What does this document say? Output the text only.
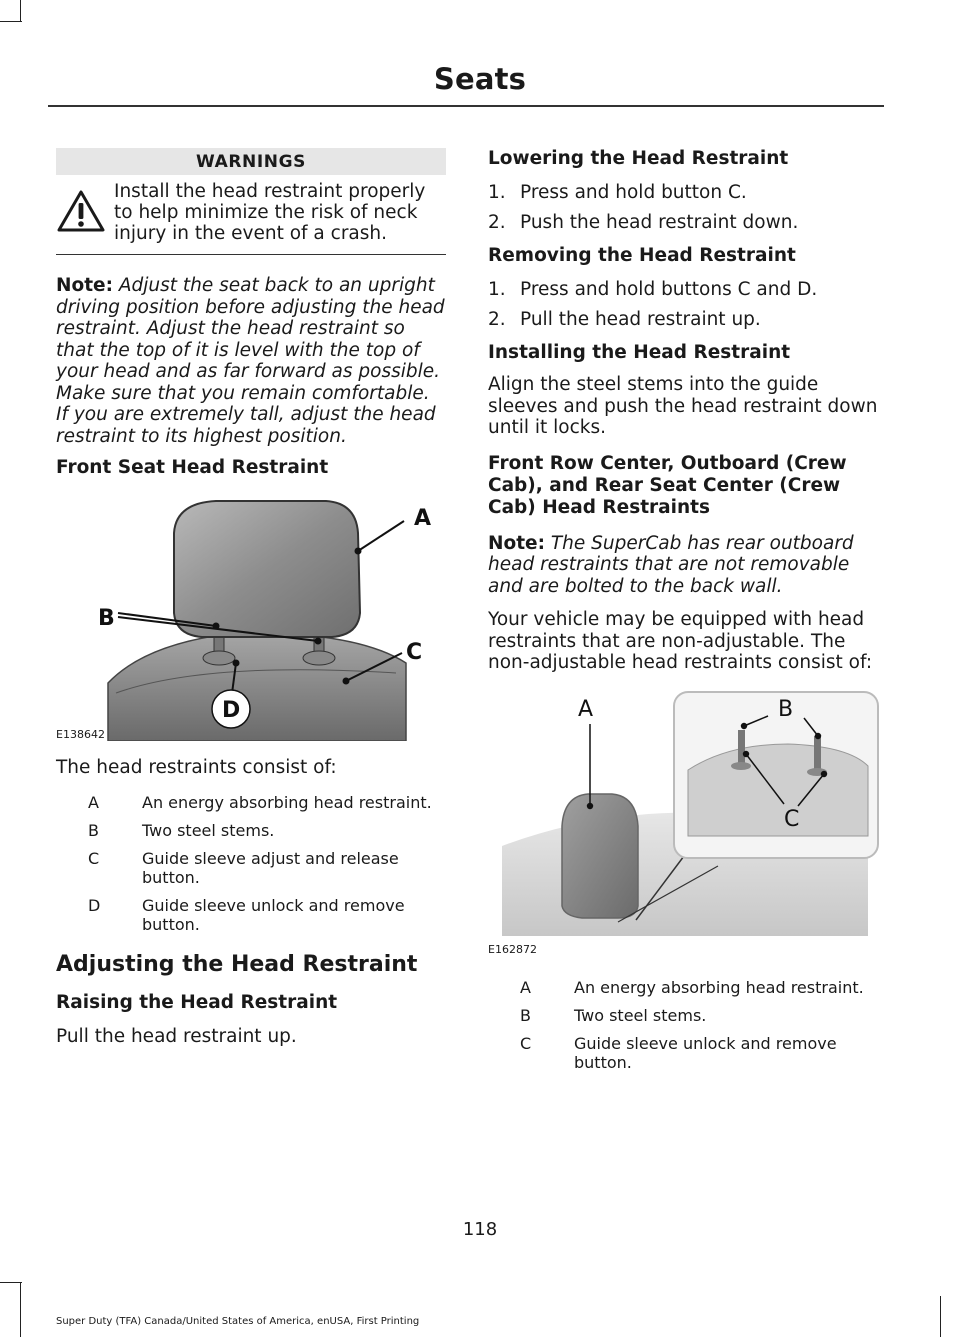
Seats
WARNINGS
Install the head restraint properly to help minimize the risk of neck injury in the event of a crash.

Note: Adjust the seat back to an upright driving position before adjusting the head restraint. Adjust the head restraint so that the top of it is level with the top of your head and as far forward as possible. Make sure that you remain comfortable. If you are extremely tall, adjust the head restraint to its highest position.

Front Seat Head Restraint
A
B
C
D
E138642

The head restraints consist of:

A	An energy absorbing head restraint.
B	Two steel stems.
C	Guide sleeve adjust and release button.
D	Guide sleeve unlock and remove button.
Adjusting the Head Restraint
Raising the Head Restraint

Pull the head restraint up.

Lowering the Head Restraint
1. Press and hold button C.
2. Push the head restraint down.
Removing the Head Restraint
1. Press and hold buttons C and D.
2. Pull the head restraint up.
Installing the Head Restraint

Align the steel stems into the guide sleeves and push the head restraint down until it locks.

Front Row Center, Outboard (Crew Cab), and Rear Seat Center (Crew Cab) Head Restraints

Note: The SuperCab has rear outboard head restraints that are not removable and are bolted to the back wall.

Your vehicle may be equipped with head restraints that are non-adjustable. The non-adjustable head restraints consist of:

A	B
C
E162872
A	An energy absorbing head restraint.
B	Two steel stems.
C	Guide sleeve unlock and remove button.
118
Super Duty (TFA) Canada/United States of America, enUSA, First Printing
